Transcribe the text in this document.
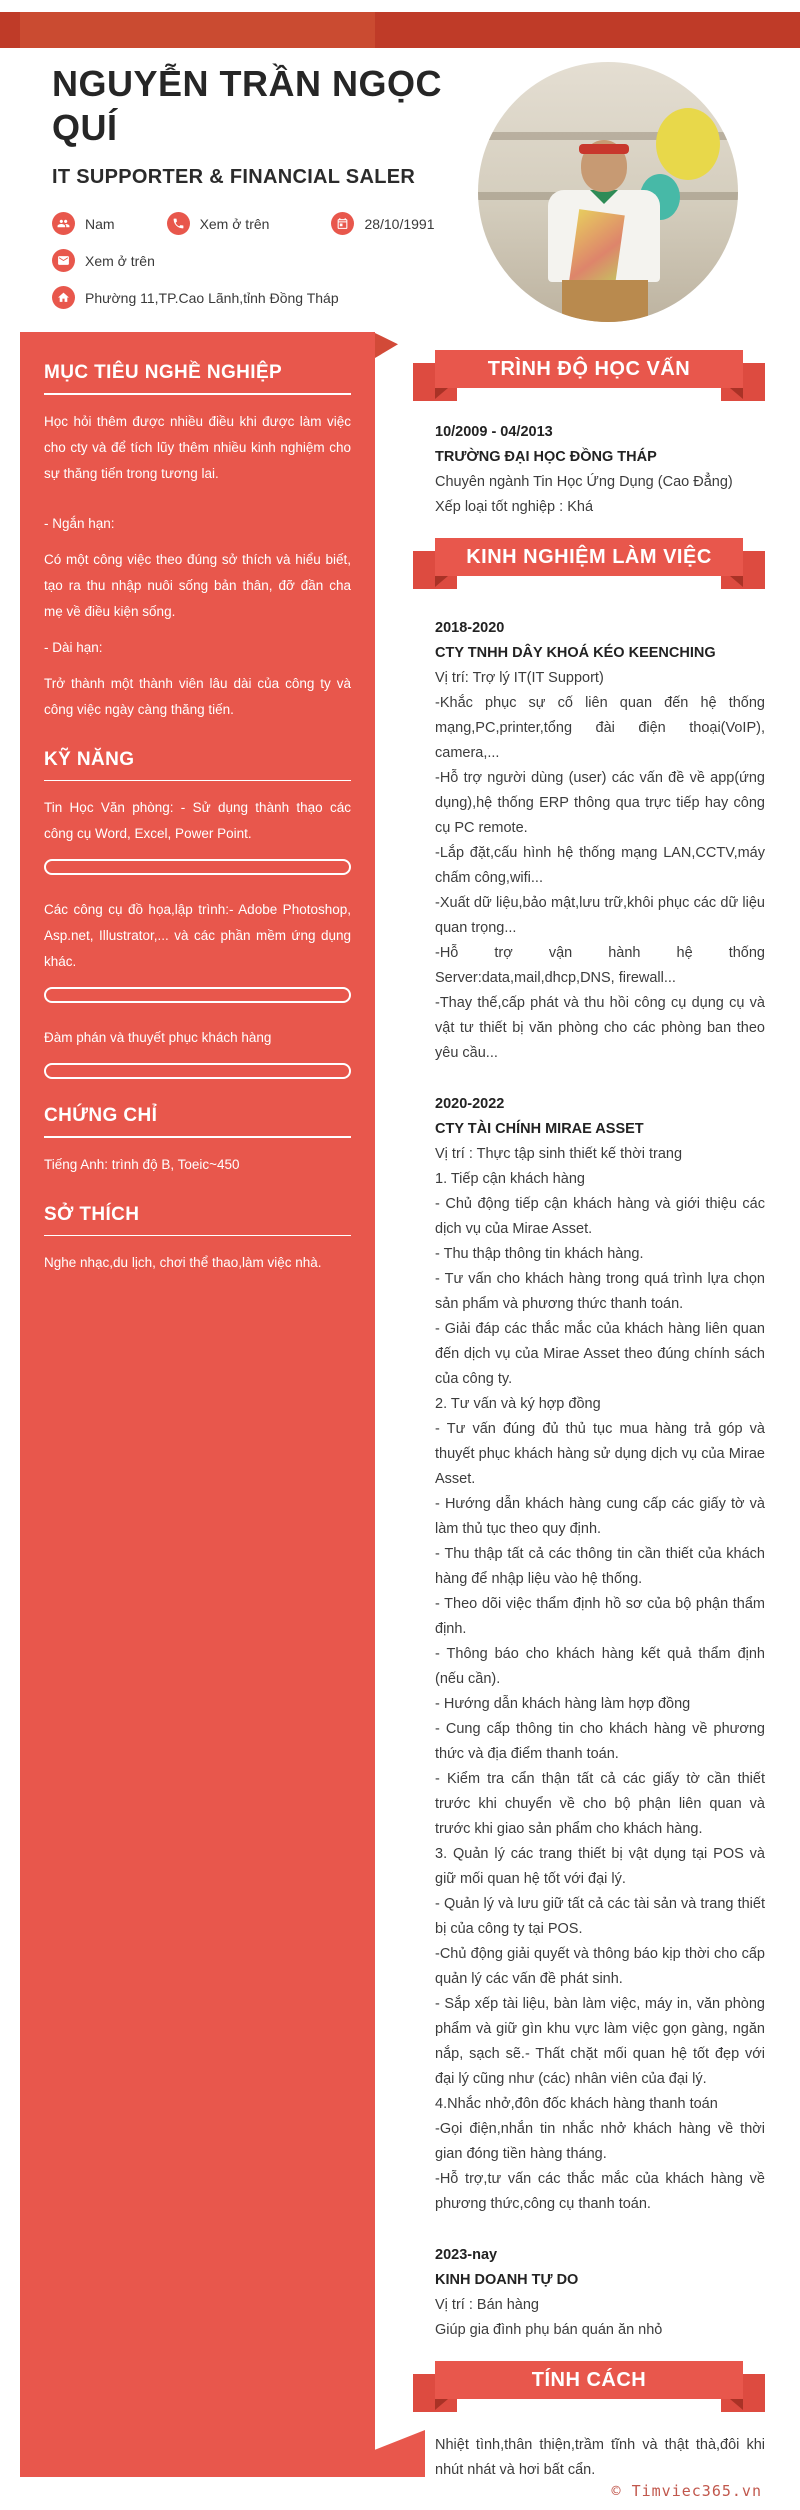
NGUYỄN TRẦN NGỌC QUÍ
IT SUPPORTER & FINANCIAL SALER
Nam	Xem ở trên	28/10/1991
Xem ở trên
Phường 11,TP.Cao Lãnh,tỉnh Đồng Tháp
MỤC TIÊU NGHỀ NGHIỆP

Học hỏi thêm được nhiều điều khi được làm việc cho cty và để tích lũy thêm nhiều kinh nghiệm cho sự thăng tiến trong tương lai.

- Ngắn hạn:

Có một công việc theo đúng sở thích và hiểu biết, tạo ra thu nhập nuôi sống bản thân, đỡ đần cha mẹ về điều kiện sống.

- Dài hạn:

Trở thành một thành viên lâu dài của công ty và công việc ngày càng thăng tiến.

KỸ NĂNG

Tin Học Văn phòng: - Sử dụng thành thạo các công cụ Word, Excel, Power Point.

Các công cụ đồ họa,lập trình:- Adobe Photoshop, Asp.net, Illustrator,... và các phần mềm ứng dụng khác.

Đàm phán và thuyết phục khách hàng

CHỨNG CHỈ

Tiếng Anh: trình độ B, Toeic~450

SỞ THÍCH

Nghe nhạc,du lịch, chơi thể thao,làm việc nhà.

TRÌNH ĐỘ HỌC VẤN

10/2009 - 04/2013

TRƯỜNG ĐẠI HỌC ĐỒNG THÁP

Chuyên ngành Tin Học Ứng Dụng (Cao Đẳng)

Xếp loại tốt nghiệp : Khá

KINH NGHIỆM LÀM VIỆC

2018-2020

CTY TNHH DÂY KHOÁ KÉO KEENCHING

Vị trí: Trợ lý IT(IT Support)

-Khắc phục sự cố liên quan đến hệ thống mạng,PC,printer,tổng đài điện thoại(VoIP), camera,...

-Hỗ trợ người dùng (user) các vấn đề về app(ứng dụng),hệ thống ERP thông qua trực tiếp hay công cụ PC remote.

-Lắp đặt,cấu hình hệ thống mạng LAN,CCTV,máy chấm công,wifi...

-Xuất dữ liệu,bảo mật,lưu trữ,khôi phục các dữ liệu quan trọng...

-Hỗ trợ vận hành hệ thống Server:data,mail,dhcp,DNS, firewall...

-Thay thế,cấp phát và thu hồi công cụ dụng cụ và vật tư thiết bị văn phòng cho các phòng ban theo yêu cầu...

2020-2022

CTY TÀI CHÍNH MIRAE ASSET

Vị trí : Thực tập sinh thiết kế thời trang

1. Tiếp cận khách hàng

- Chủ động tiếp cận khách hàng và giới thiệu các dịch vụ của Mirae Asset.

- Thu thập thông tin khách hàng.

- Tư vấn cho khách hàng trong quá trình lựa chọn sản phẩm và phương thức thanh toán.

- Giải đáp các thắc mắc của khách hàng liên quan đến dịch vụ của Mirae Asset theo đúng chính sách của công ty.

2. Tư vấn và ký hợp đồng

- Tư vấn đúng đủ thủ tục mua hàng trả góp và thuyết phục khách hàng sử dụng dịch vụ của Mirae Asset.

- Hướng dẫn khách hàng cung cấp các giấy tờ và làm thủ tục theo quy định.

- Thu thập tất cả các thông tin cần thiết của khách hàng để nhập liệu vào hệ thống.

- Theo dõi việc thẩm định hồ sơ của bộ phận thẩm định.

- Thông báo cho khách hàng kết quả thẩm định (nếu cần).

- Hướng dẫn khách hàng làm hợp đồng

- Cung cấp thông tin cho khách hàng về phương thức và địa điểm thanh toán.

- Kiểm tra cẩn thận tất cả các giấy tờ cần thiết trước khi chuyển về cho bộ phận liên quan và trước khi giao sản phẩm cho khách hàng.

3. Quản lý các trang thiết bị vật dụng tại POS và giữ mối quan hệ tốt với đại lý.

- Quản lý và lưu giữ tất cả các tài sản và trang thiết bị của công ty tại POS.

-Chủ động giải quyết và thông báo kịp thời cho cấp quản lý các vấn đề phát sinh.

- Sắp xếp tài liệu, bàn làm việc, máy in, văn phòng phẩm và giữ gìn khu vực làm việc gọn gàng, ngăn nắp, sạch sẽ.- Thất chặt mối quan hệ tốt đẹp với đại lý cũng như (các) nhân viên của đại lý.

4.Nhắc nhở,đôn đốc khách hàng thanh toán

-Gọi điện,nhắn tin nhắc nhở khách hàng về thời gian đóng tiền hàng tháng.

-Hỗ trợ,tư vấn các thắc mắc của khách hàng về phương thức,công cụ thanh toán.

2023-nay

KINH DOANH TỰ DO

Vị trí : Bán hàng

Giúp gia đình phụ bán quán ăn nhỏ

TÍNH CÁCH

Nhiệt tình,thân thiện,trầm tĩnh và thật thà,đôi khi nhút nhát và hơi bất cẩn.

© Timviec365.vn
